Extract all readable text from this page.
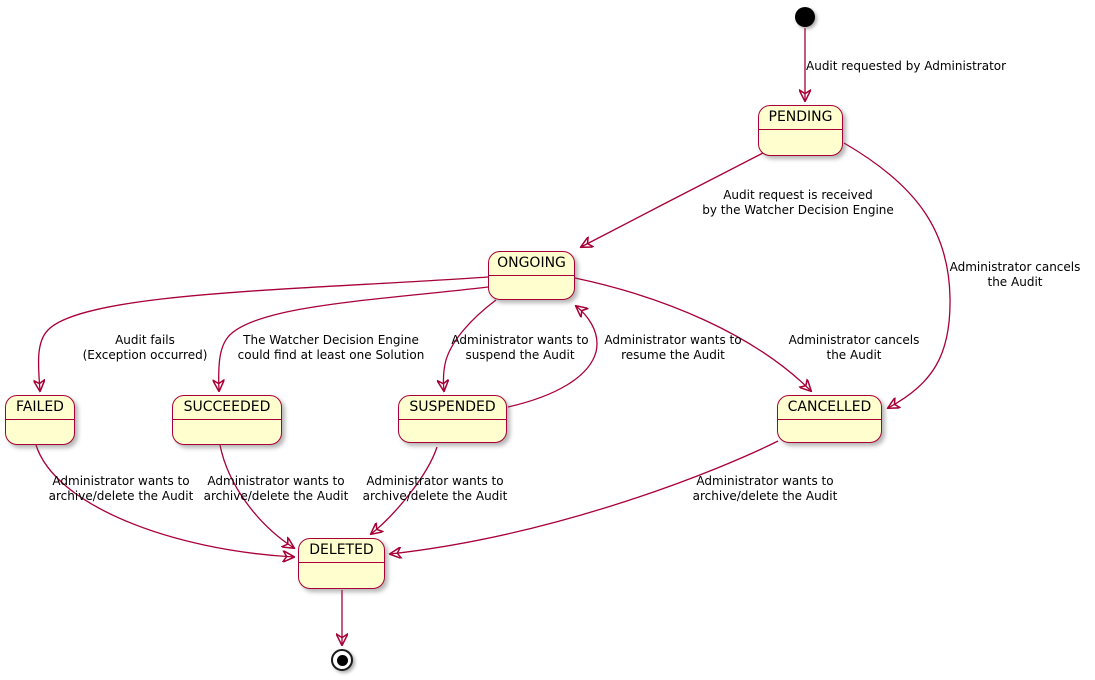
PENDING
ONGOING
FAILED	SUCCEEDED	SUSPENDED	CANCELLED
DELETED
Audit requested by Administrator
Audit request is received
by the Watcher Decision Engine
Administrator cancels
the Audit
Audit fails
(Exception occurred)
The Watcher Decision Engine
could find at least one Solution
Administrator wants to
suspend the Audit
Administrator wants to
resume the Audit
Administrator cancels
the Audit
Administrator wants to
archive/delete the Audit
Administrator wants to
archive/delete the Audit
Administrator wants to
archive/delete the Audit
Administrator wants to
archive/delete the Audit
